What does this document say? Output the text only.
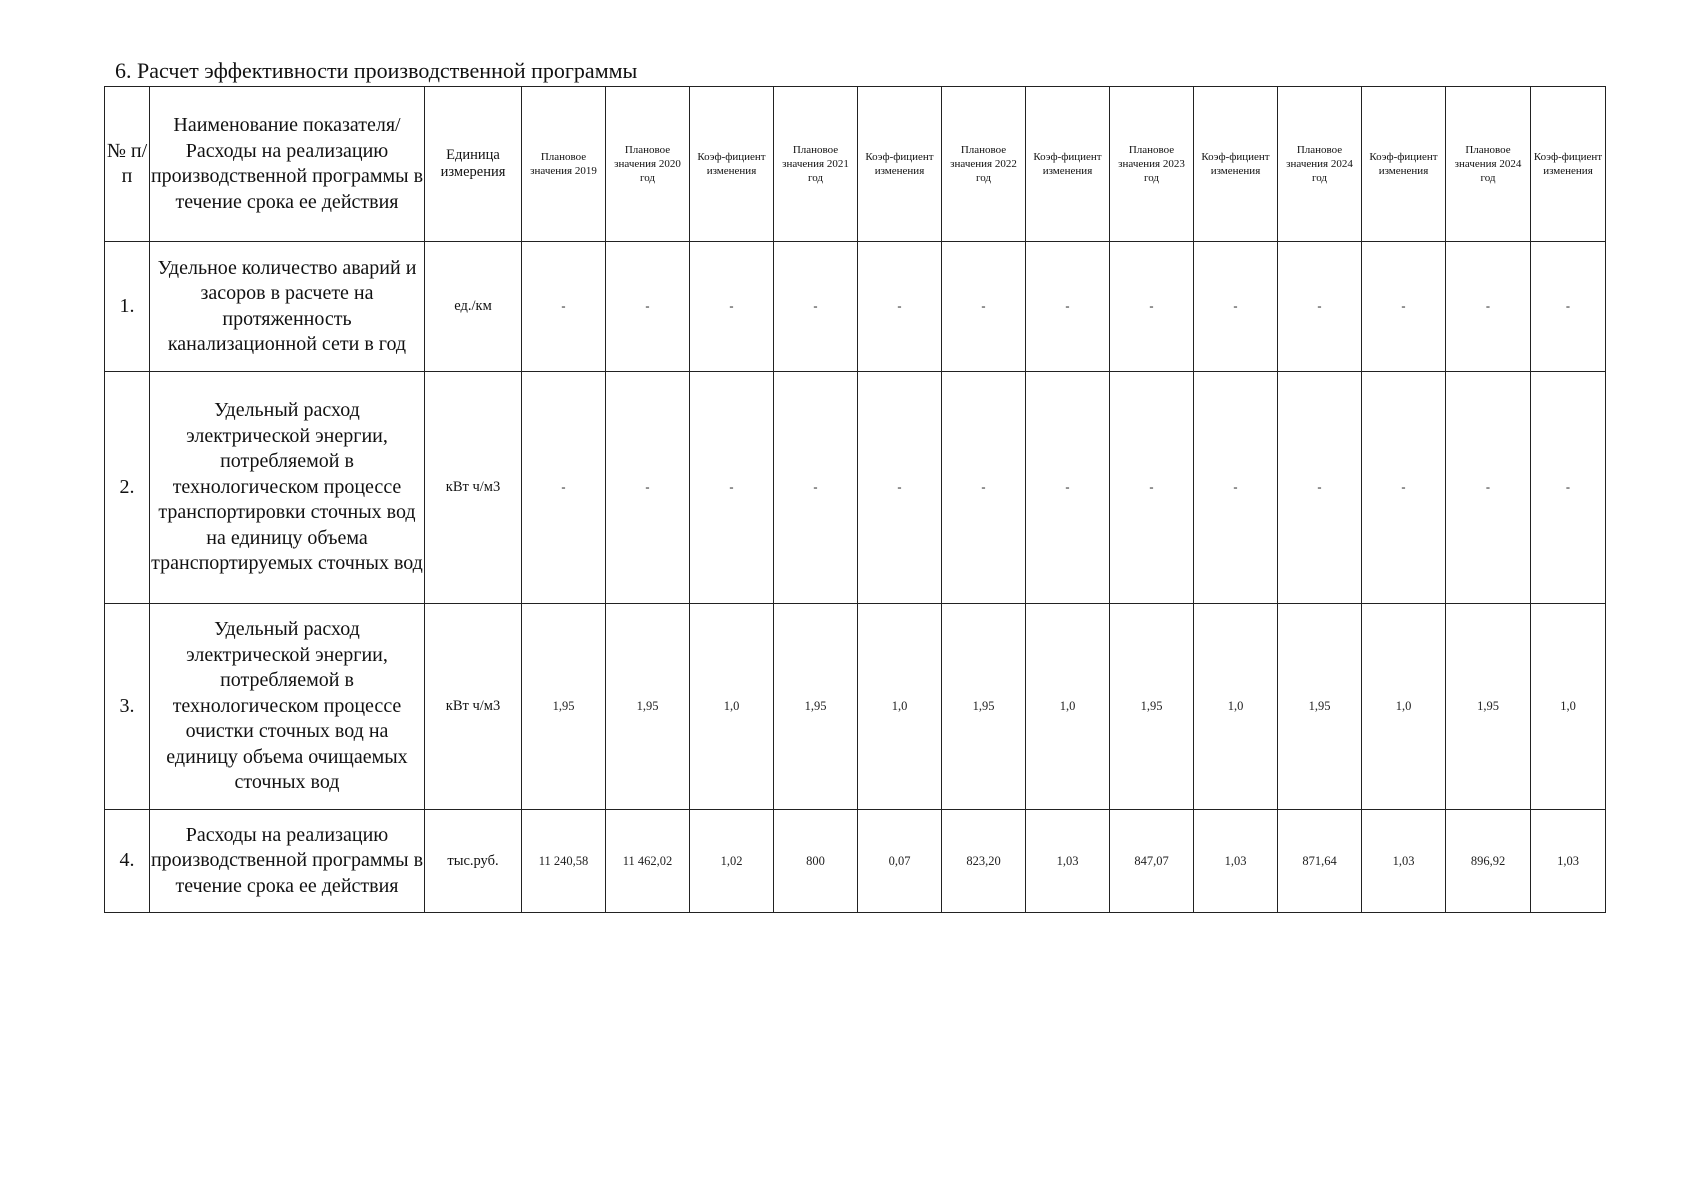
6. Расчет эффективности производственной программы
№ п/п	Наименование показателя/Расходы на реализацию производственной программы в течение срока ее действия	Единица измерения	Плановое значения 2019	Плановое значения 2020 год	Коэф-фициент изменения	Плановое значения 2021 год	Коэф-фициент изменения	Плановое значения 2022 год	Коэф-фициент изменения	Плановое значения 2023 год	Коэф-фициент изменения	Плановое значения 2024 год	Коэф-фициент изменения	Плановое значения 2024 год	Коэф-фициент изменения
1.	Удельное количество аварий и засоров в расчете на протяженность канализационной сети в год	ед./км	-	-	-	-	-	-	-	-	-	-	-	-	-
2.	Удельный расход электрической энергии, потребляемой в технологическом процессе транспортировки сточных вод на единицу объема транспортируемых сточных вод	кВт ч/м3	-	-	-	-	-	-	-	-	-	-	-	-	-
3.	Удельный расход электрической энергии, потребляемой в технологическом процессе очистки сточных вод на единицу объема очищаемых сточных вод	кВт ч/м3	1,95	1,95	1,0	1,95	1,0	1,95	1,0	1,95	1,0	1,95	1,0	1,95	1,0
4.	Расходы на реализацию производственной программы в течение срока ее действия	тыс.руб.	11 240,58	11 462,02	1,02	800	0,07	823,20	1,03	847,07	1,03	871,64	1,03	896,92	1,03
